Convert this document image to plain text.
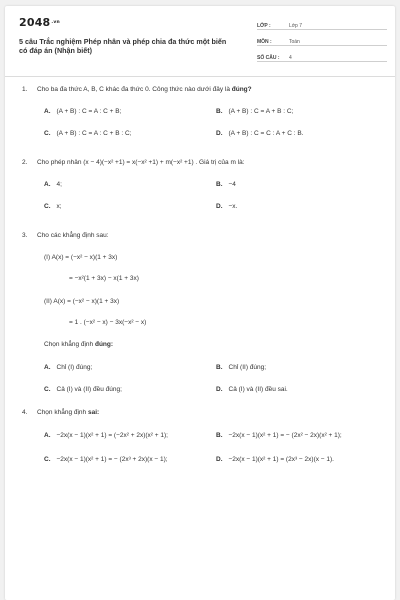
2048.vn
5 câu Trắc nghiệm Phép nhân và phép chia đa thức một biến có đáp án (Nhận biết)
LỚP :	Lớp 7
MÔN :	Toán
SỐ CÂU :	4
1. Cho ba đa thức A, B, C khác đa thức 0. Công thức nào dưới đây là đúng?
A. (A + B) : C = A : C + B;	B. (A + B) : C = A + B : C;
C. (A + B) : C = A : C + B : C;	D. (A + B) : C = C : A + C : B.
2. Cho phép nhân (x − 4)(−x² +1) = x(−x² +1) + m(−x² +1) . Giá trị của m là:
A. 4;	B. −4
C. x;	D. −x.
3. Cho các khẳng định sau:
(I) A(x) = (−x² − x)(1 + 3x)
= −x²(1 + 3x) − x(1 + 3x)
(II) A(x) = (−x² − x)(1 + 3x)
= 1 . (−x² − x) − 3x(−x² − x)
Chọn khẳng định đúng:
A. Chỉ (I) đúng;	B. Chỉ (II) đúng;
C. Cả (I) và (II) đều đúng;	D. Cả (I) và (II) đều sai.
4. Chọn khẳng định sai:
A. −2x(x − 1)(x² + 1) = (−2x² + 2x)(x² + 1);	B. −2x(x − 1)(x² + 1) = − (2x² − 2x)(x² + 1);
C. −2x(x − 1)(x² + 1) = − (2x³ + 2x)(x − 1);	D. −2x(x − 1)(x² + 1) = (2x³ − 2x)(x − 1).
